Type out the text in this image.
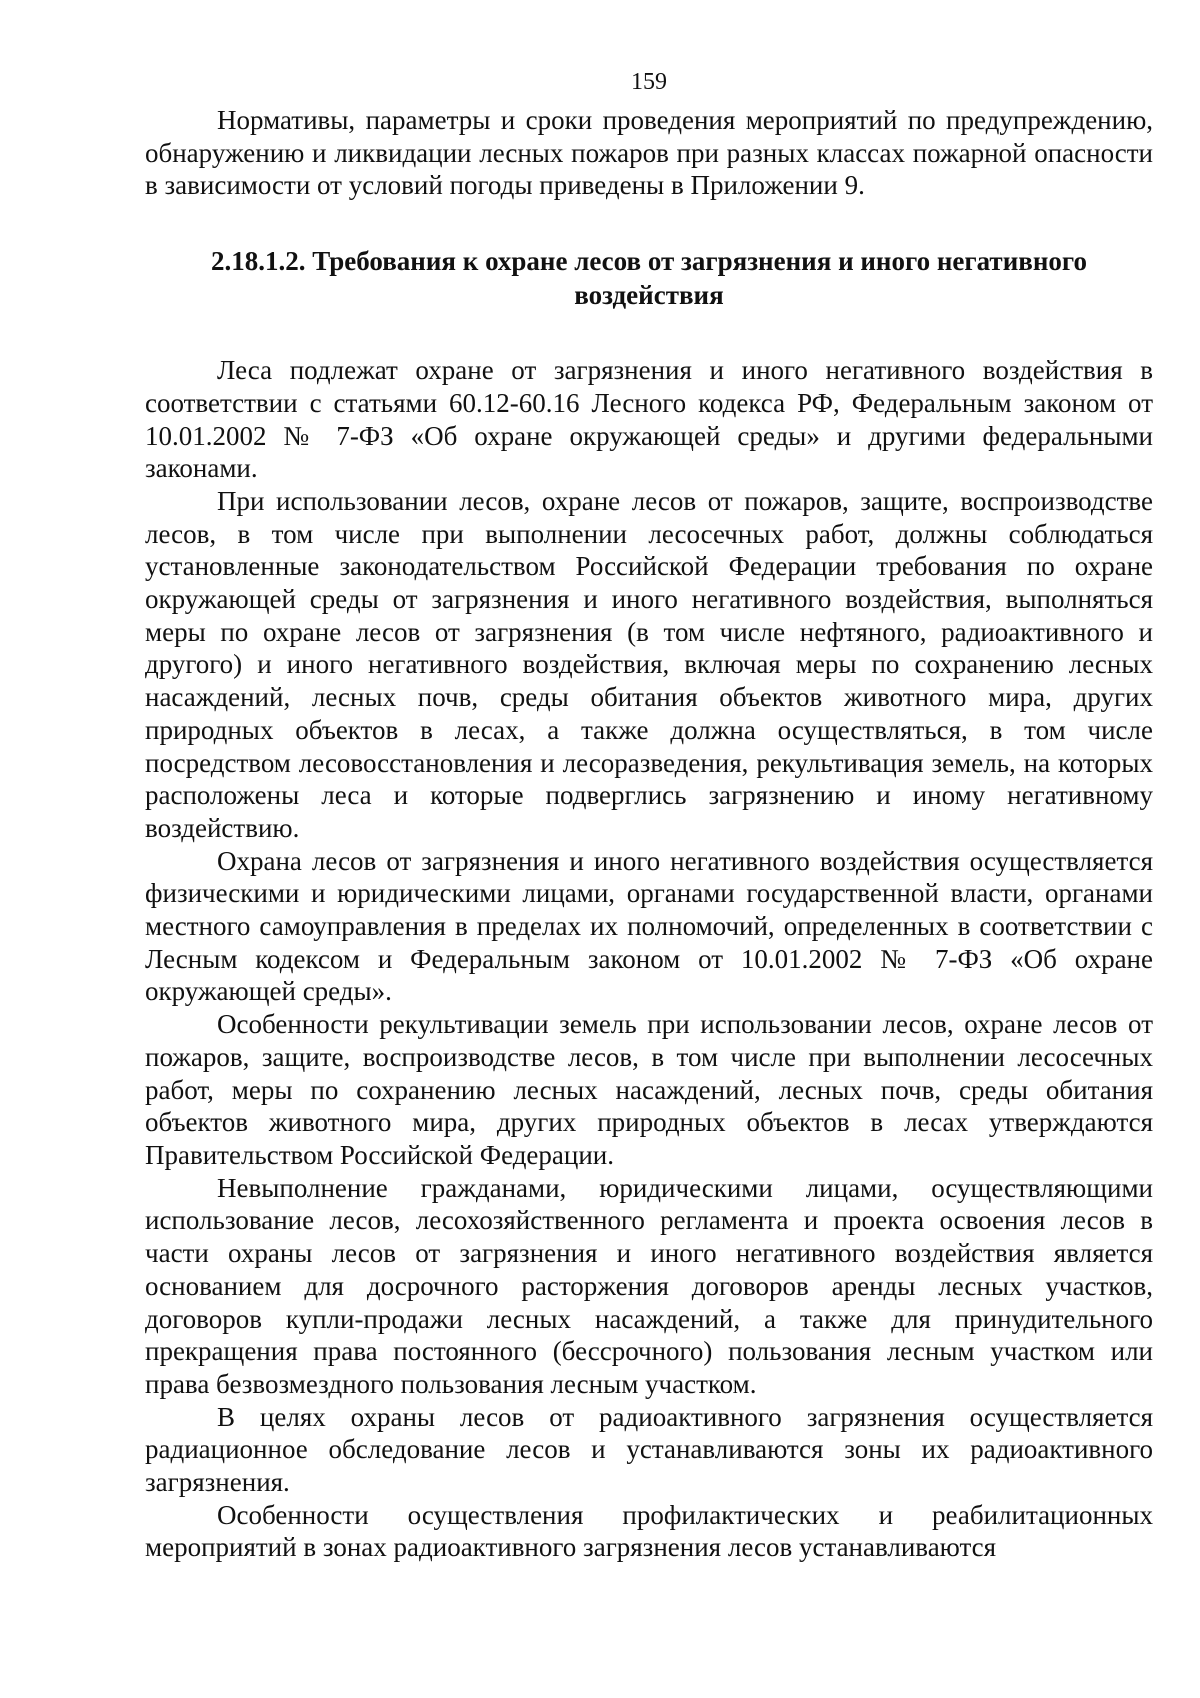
159

Нормативы, параметры и сроки проведения мероприятий по предупреждению, обнаружению и ликвидации лесных пожаров при разных классах пожарной опасности в зависимости от условий погоды приведены в Приложении 9.

2.18.1.2. Требования к охране лесов от загрязнения и иного негативного воздействия

Леса подлежат охране от загрязнения и иного негативного воздействия в соответствии с статьями 60.12-60.16 Лесного кодекса РФ, Федеральным законом от 10.01.2002 № 7-ФЗ «Об охране окружающей среды» и другими федеральными законами.

При использовании лесов, охране лесов от пожаров, защите, воспроизводстве лесов, в том числе при выполнении лесосечных работ, должны соблюдаться установленные законодательством Российской Федерации требования по охране окружающей среды от загрязнения и иного негативного воздействия, выполняться меры по охране лесов от загрязнения (в том числе нефтяного, радиоактивного и другого) и иного негативного воздействия, включая меры по сохранению лесных насаждений, лесных почв, среды обитания объектов животного мира, других природных объектов в лесах, а также должна осуществляться, в том числе посредством лесовосстановления и лесоразведения, рекультивация земель, на которых расположены леса и которые подверглись загрязнению и иному негативному воздействию.

Охрана лесов от загрязнения и иного негативного воздействия осуществляется физическими и юридическими лицами, органами государственной власти, органами местного самоуправления в пределах их полномочий, определенных в соответствии с Лесным кодексом и Федеральным законом от 10.01.2002 № 7-ФЗ «Об охране окружающей среды».

Особенности рекультивации земель при использовании лесов, охране лесов от пожаров, защите, воспроизводстве лесов, в том числе при выполнении лесосечных работ, меры по сохранению лесных насаждений, лесных почв, среды обитания объектов животного мира, других природных объектов в лесах утверждаются Правительством Российской Федерации.

Невыполнение гражданами, юридическими лицами, осуществляющими использование лесов, лесохозяйственного регламента и проекта освоения лесов в части охраны лесов от загрязнения и иного негативного воздействия является основанием для досрочного расторжения договоров аренды лесных участков, договоров купли-продажи лесных насаждений, а также для принудительного прекращения права постоянного (бессрочного) пользования лесным участком или права безвозмездного пользования лесным участком.

В целях охраны лесов от радиоактивного загрязнения осуществляется радиационное обследование лесов и устанавливаются зоны их радиоактивного загрязнения.

Особенности осуществления профилактических и реабилитационных мероприятий в зонах радиоактивного загрязнения лесов устанавливаются
